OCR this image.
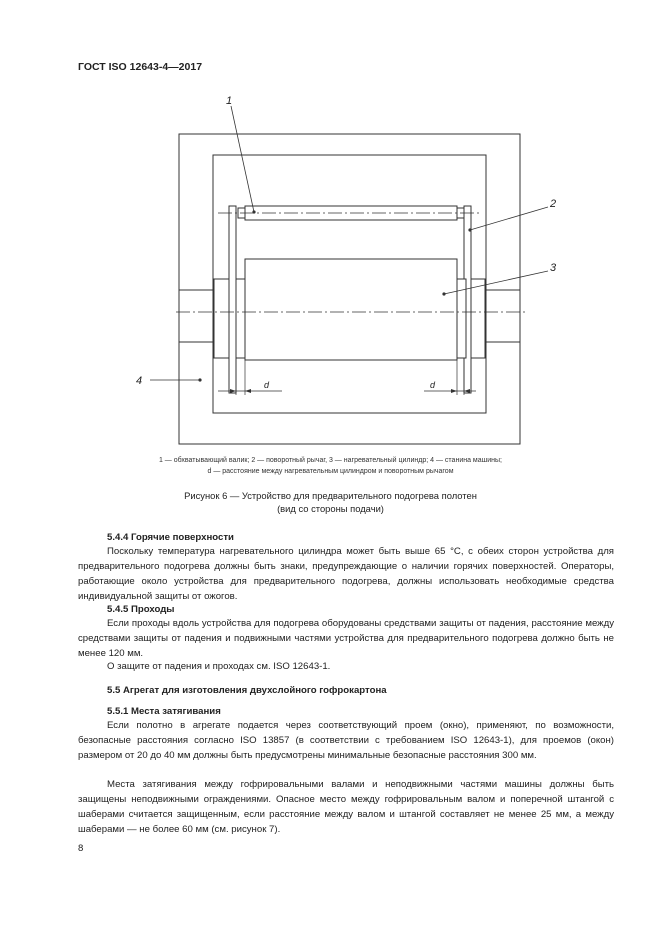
ГОСТ ISO 12643-4—2017
1
2
3
4	d	d
1 — обхватывающий валик; 2 — поворотный рычаг, 3 — нагревательный цилиндр; 4 — станина машины;
d — расстояние между нагревательным цилиндром и поворотным рычагом
Рисунок 6 — Устройство для предварительного подогрева полотен
(вид со стороны подачи)
5.4.4 Горячие поверхности

Поскольку температура нагревательного цилиндра может быть выше 65 °С, с обеих сторон устройства для предварительного подогрева должны быть знаки, предупреждающие о наличии горячих поверхностей. Операторы, работающие около устройства для предварительного подогрева, должны использовать необходимые средства индивидуальной защиты от ожогов.

5.4.5 Проходы

Если проходы вдоль устройства для подогрева оборудованы средствами защиты от падения, расстояние между средствами защиты от падения и подвижными частями устройства для предварительного подогрева должно быть не менее 120 мм.

О защите от падения и проходах см. ISO 12643-1.

5.5 Агрегат для изготовления двухслойного гофрокартона
5.5.1 Места затягивания

Если полотно в агрегате подается через соответствующий проем (окно), применяют, по возможности, безопасные расстояния согласно ISO 13857 (в соответствии с требованием ISO 12643-1), для проемов (окон) размером от 20 до 40 мм должны быть предусмотрены минимальные безопасные расстояния 300 мм.

Места затягивания между гофрировальными валами и неподвижными частями машины должны быть защищены неподвижными ограждениями. Опасное место между гофрировальным валом и поперечной штангой с шаберами считается защищенным, если расстояние между валом и штангой составляет не менее 25 мм, а между шаберами — не более 60 мм (см. рисунок 7).

8
